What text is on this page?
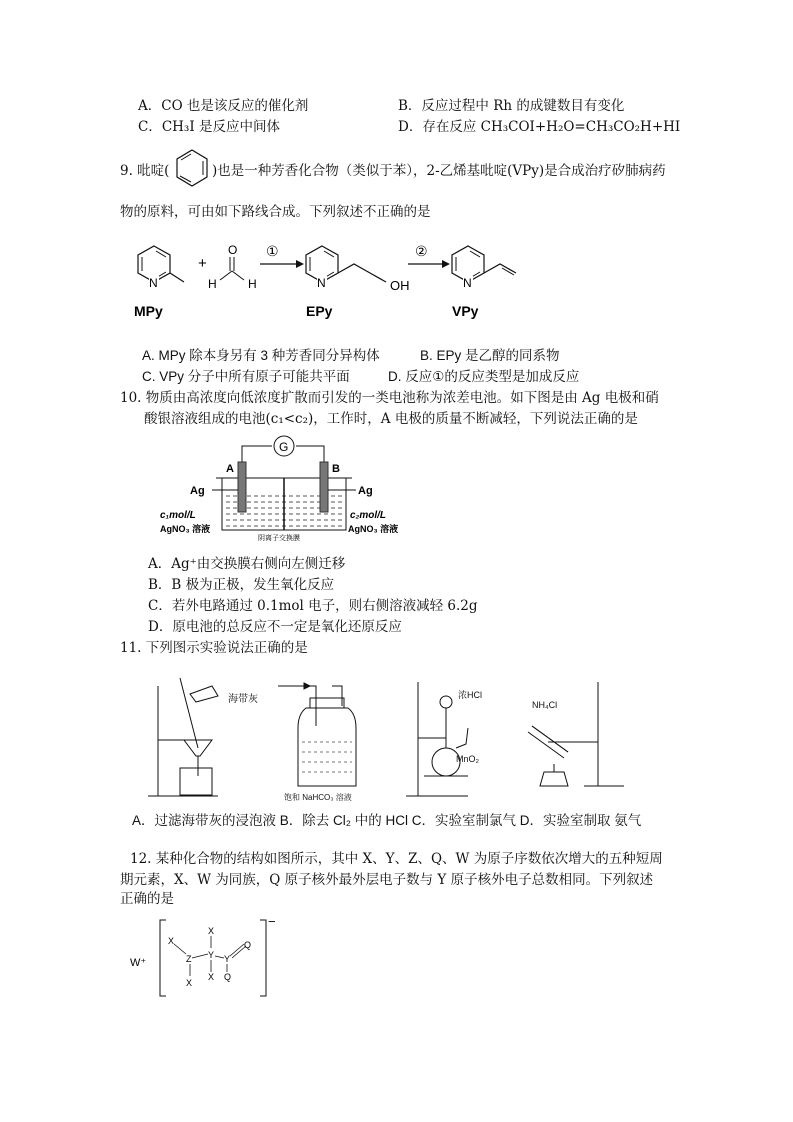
A．CO 也是该反应的催化剂	B．反应过程中 Rh 的成键数目有变化
C．CH₃I 是反应中间体	D．存在反应 CH₃COI+H₂O=CH₃CO₂H+HI
9. 吡啶(	)也是一种芳香化合物（类似于苯），2-乙烯基吡啶(VPy)是合成治疗矽肺病药
物的原料，可由如下路线合成。下列叙述不正确的是
N
+
O
H	H
①
N	OH
②
N
MPy	EPy	VPy
A. MPy 除本身另有 3 种芳香同分异构体	B. EPy 是乙醇的同系物
C. VPy 分子中所有原子可能共平面	D. 反应①的反应类型是加成反应
10. 物质由高浓度向低浓度扩散而引发的一类电池称为浓差电池。如下图是由 Ag 电极和硝
酸银溶液组成的电池(c₁<c₂)，工作时，A 电极的质量不断减轻，下列说法正确的是
G
A	B
Ag	Ag
c₁mol/L
AgNO₃ 溶液
c₂mol/L
AgNO₃ 溶液
阴离子交换膜
A．Ag⁺由交换膜右侧向左侧迁移
B．B 极为正极，发生氧化反应
C．若外电路通过 0.1mol 电子，则右侧溶液减轻 6.2g
D．原电池的总反应不一定是氧化还原反应
11. 下列图示实验说法正确的是
海带灰
饱和 NaHCO₃ 溶液
浓HCl
MnO₂
NH₄Cl
A．过滤海带灰的浸泡液 B．除去 Cl₂ 中的 HCl C．实验室制氯气 D．实验室制取 氨气
12. 某种化合物的结构如图所示，其中 X、Y、Z、Q、W 为原子序数依次增大的五种短周
期元素，X、W 为同族，Q 原子核外最外层电子数与 Y 原子核外电子总数相同。下列叙述
正确的是
W⁺
−
X
Z
X
X
Y
X
Y
Q
Q
